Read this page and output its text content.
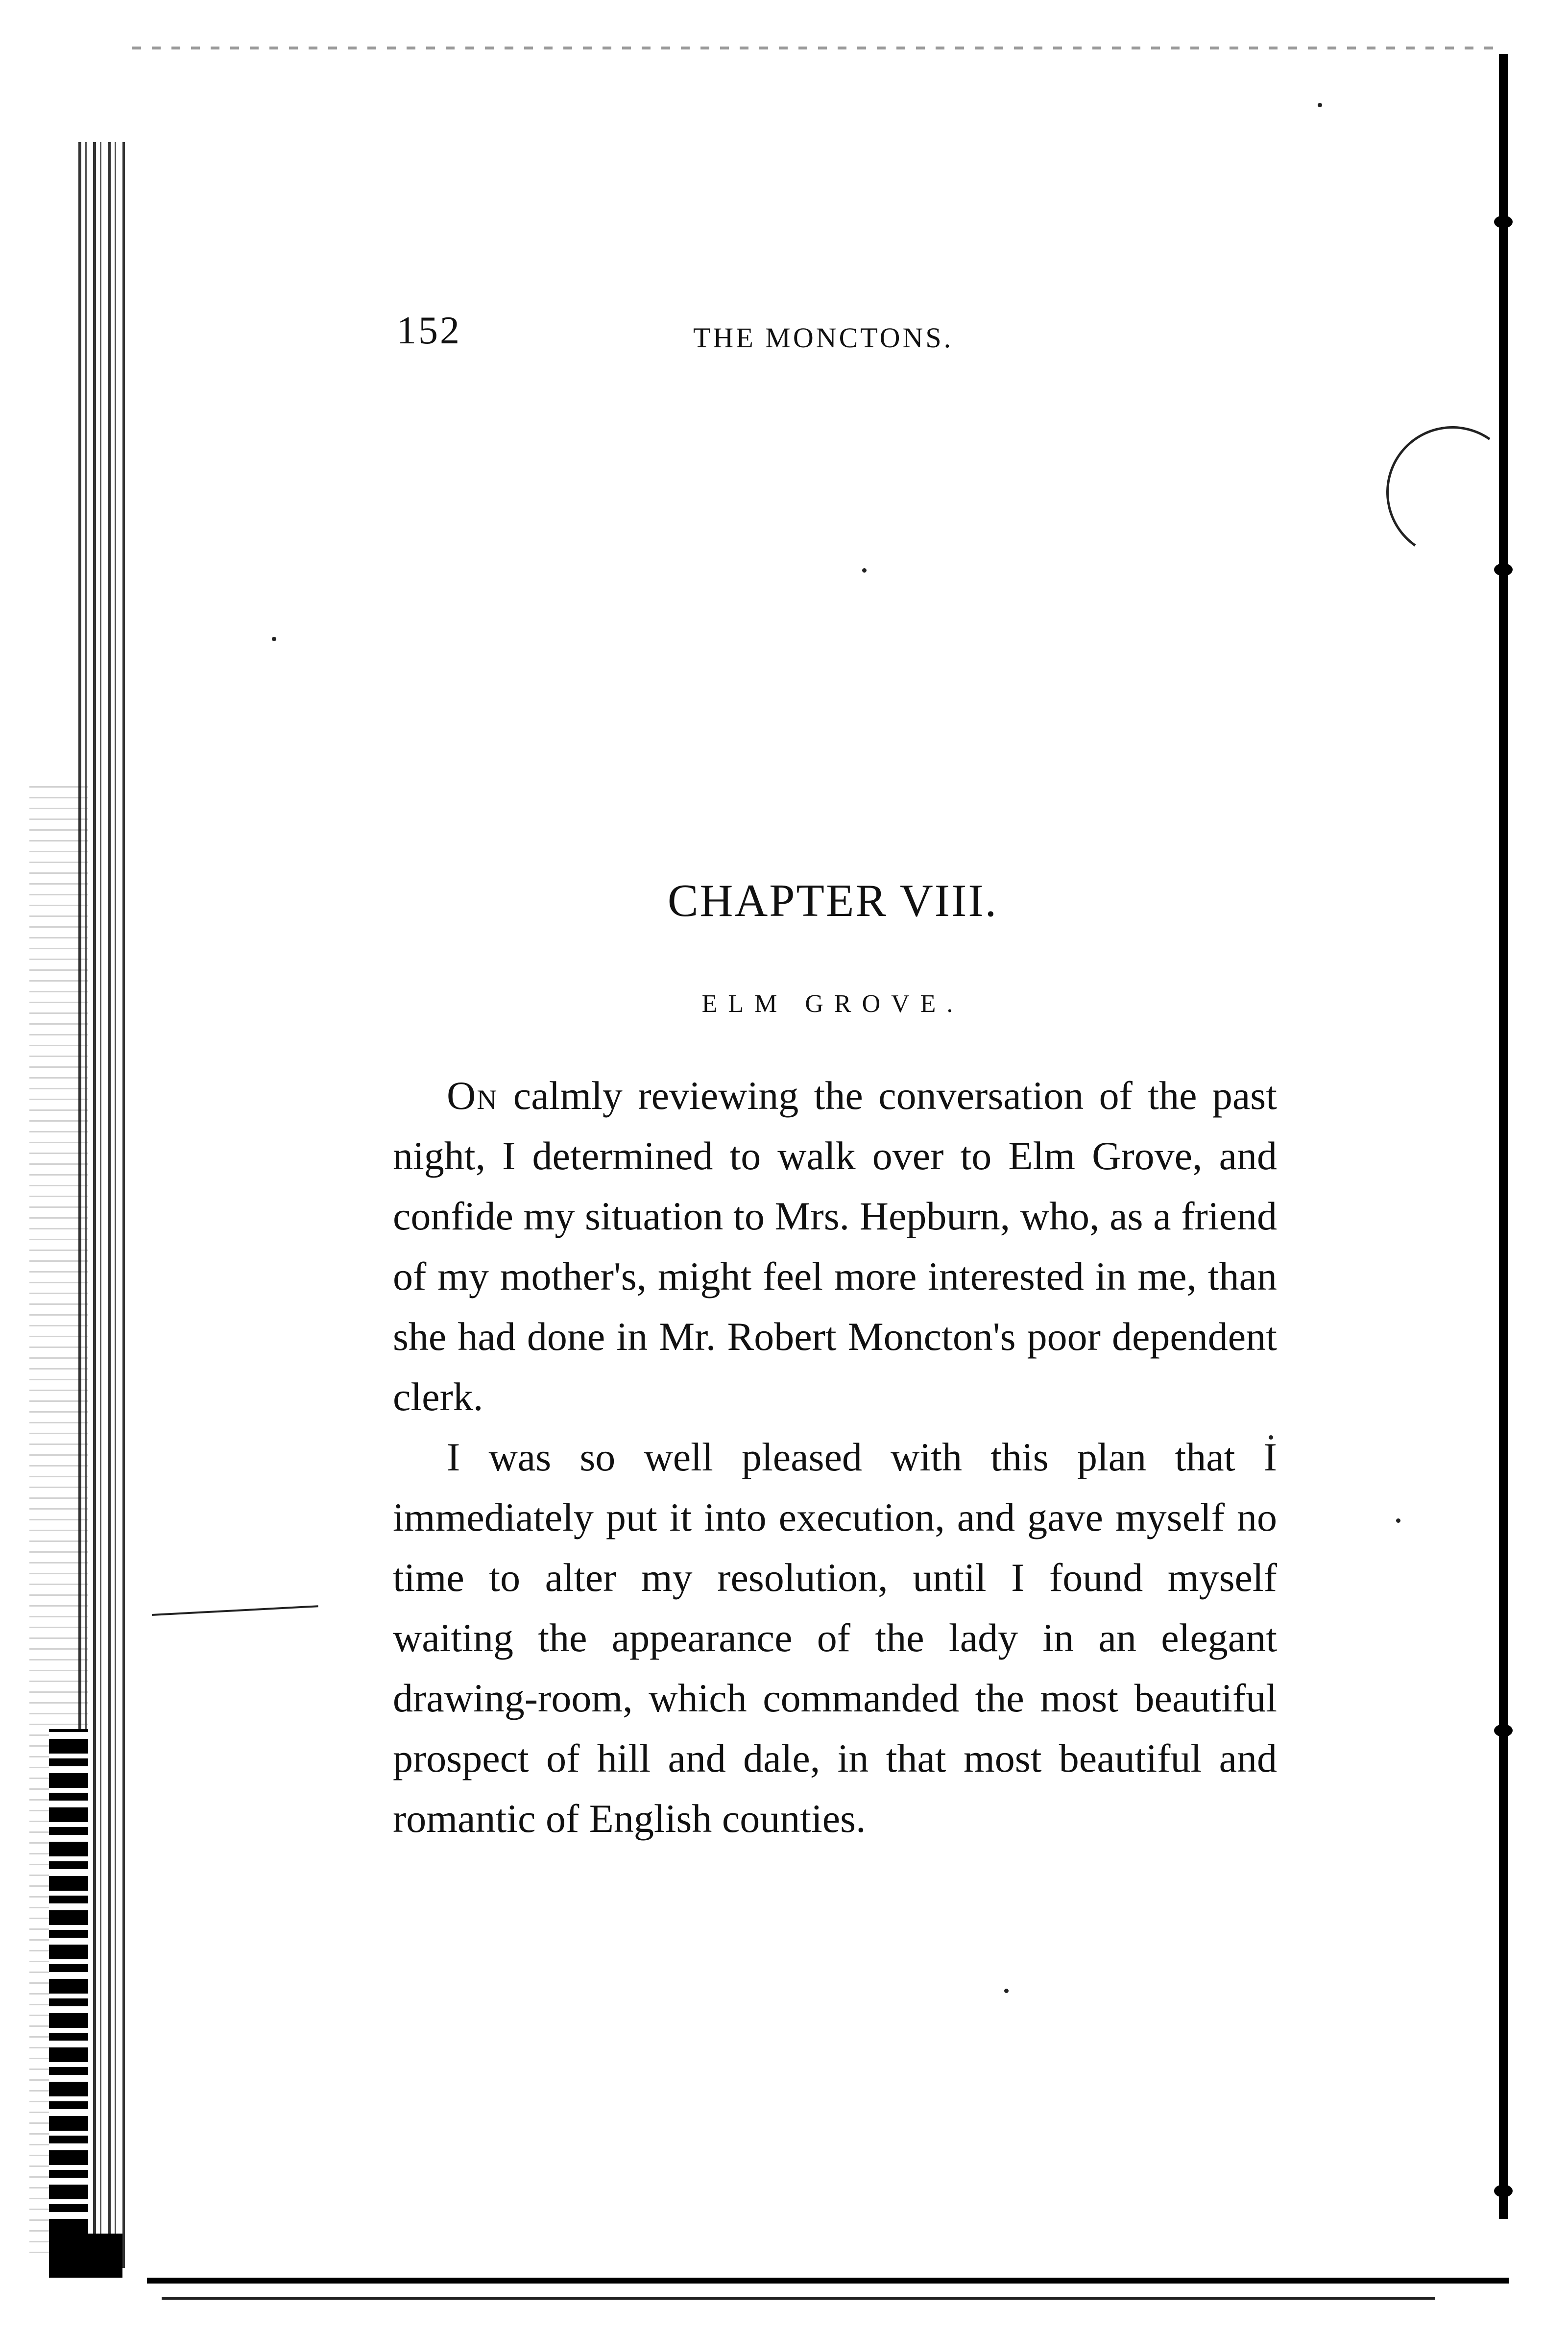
152	THE MONCTONS.
CHAPTER VIII.
ELM GROVE.

On calmly reviewing the conversation of the past night, I determined to walk over to Elm Grove, and confide my situation to Mrs. Hepburn, who, as a friend of my mother's, might feel more interested in me, than she had done in Mr. Robert Moncton's poor dependent clerk.

I was so well pleased with this plan that I immediately put it into execution, and gave myself no time to alter my resolution, until I found myself waiting the appearance of the lady in an elegant drawing-room, which commanded the most beautiful prospect of hill and dale, in that most beautiful and romantic of English counties.
